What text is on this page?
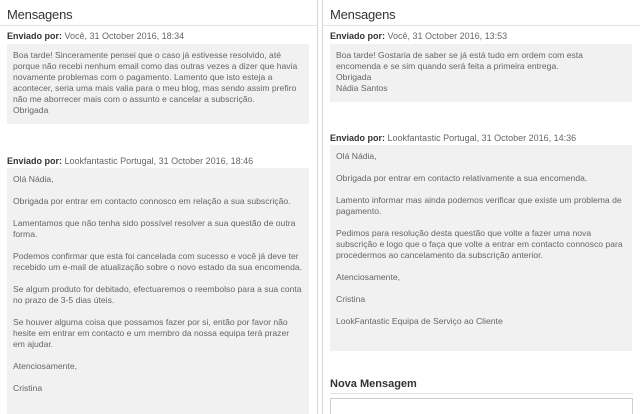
Mensagens
Enviado por: Você, 31 October 2016, 18:34

Boa tarde! Sinceramente pensei que o caso já estivesse resolvido, até porque não recebi nenhum email como das outras vezes a dizer que havia novamente problemas com o pagamento. Lamento que isto esteja a acontecer, seria uma mais valia para o meu blog, mas sendo assim prefiro não me aborrecer mais com o assunto e cancelar a subscrição.

Obrigada

Enviado por: Lookfantastic Portugal, 31 October 2016, 18:46

Olá Nádia,

Obrigada por entrar em contacto connosco em relação a sua subscrição.

Lamentamos que não tenha sido possível resolver a sua questão de outra forma.

Podemos confirmar que esta foi cancelada com sucesso e você já deve ter recebido um e-mail de atualização sobre o novo estado da sua encomenda.

Se algum produto for debitado, efectuaremos o reembolso para a sua conta no prazo de 3-5 dias úteis.

Se houver alguma coisa que possamos fazer por si, então por favor não hesite em entrar em contacto e um membro da nossa equipa terá prazer em ajudar.

Atenciosamente,

Cristina

Mensagens
Enviado por: Você, 31 October 2016, 13:53

Boa tarde! Gostaria de saber se já está tudo em ordem com esta encomenda e se sim quando será feita a primeira entrega.

Obrigada

Nádia Santos

Enviado por: Lookfantastic Portugal, 31 October 2016, 14:36

Olá Nádia,

Obrigada por entrar em contacto relativamente a sua encomenda.

Lamento informar mas ainda podemos verificar que existe um problema de pagamento.

Pedimos para resolução desta questão que volte a fazer uma nova subscrição e logo que o faça que volte a entrar em contacto connosco para procedermos ao cancelamento da subscrição anterior.

Atenciosamente,

Cristina

LookFantastic Equipa de Serviço ao Cliente

Nova Mensagem
